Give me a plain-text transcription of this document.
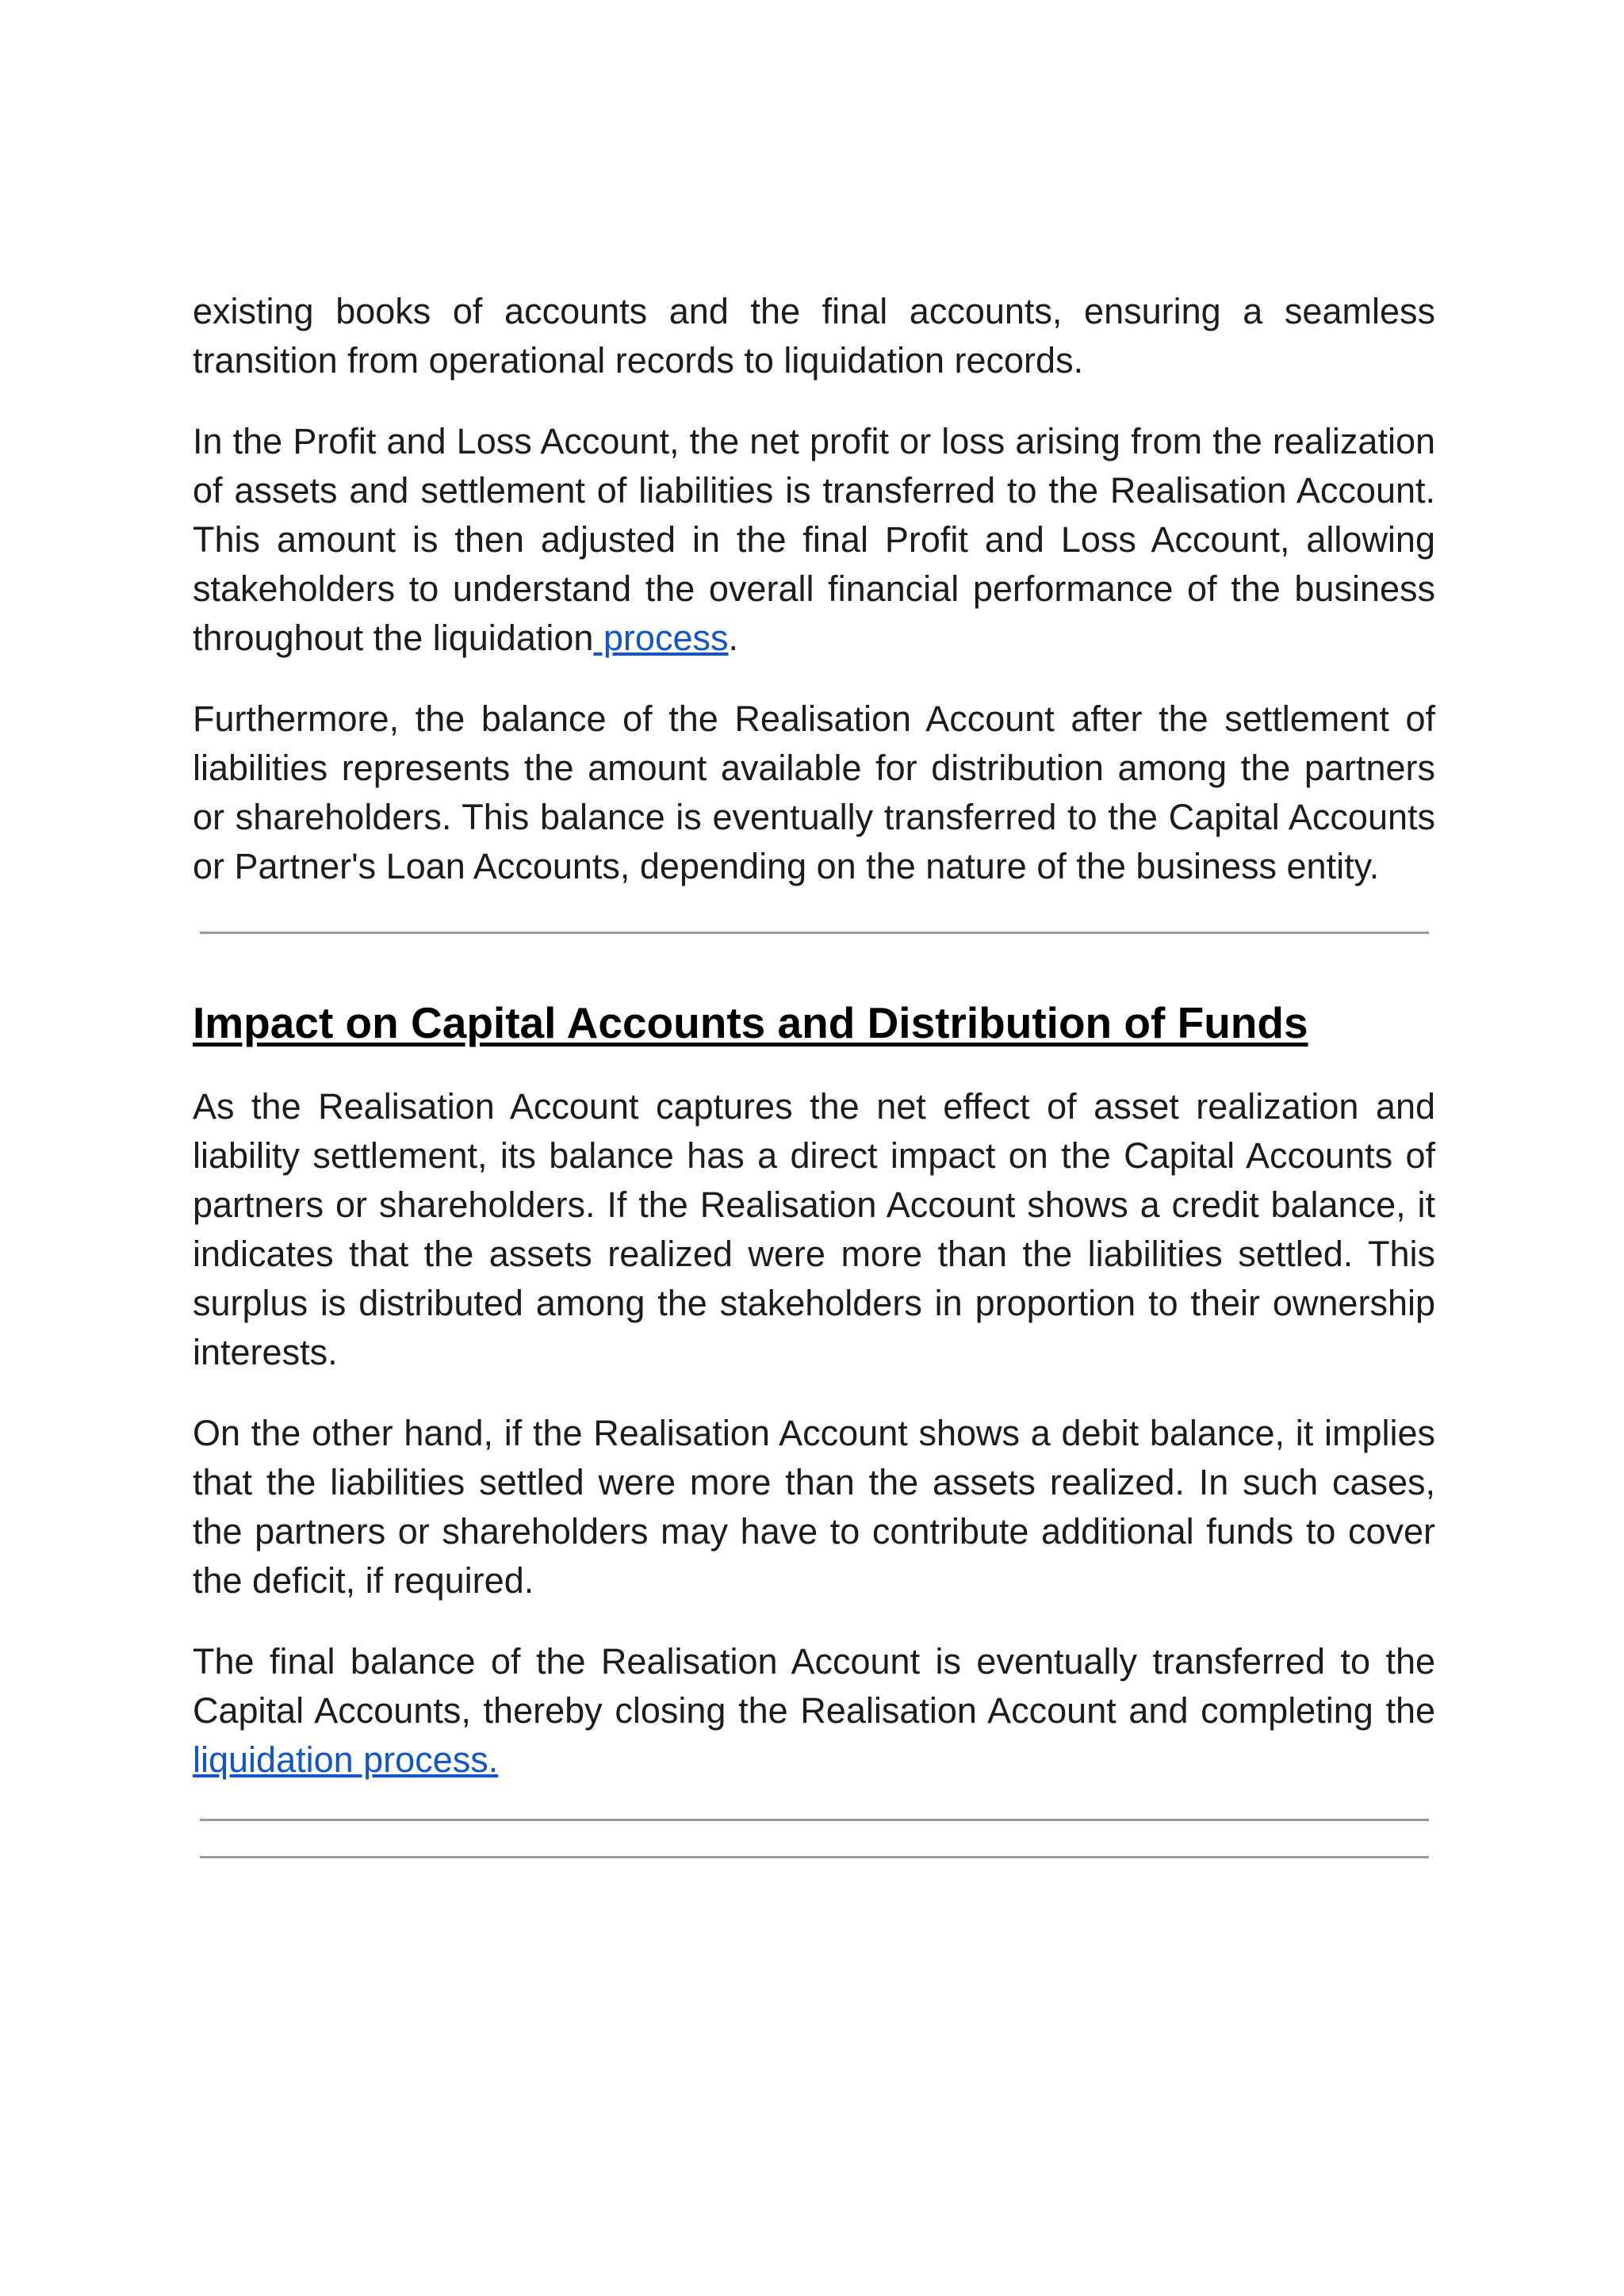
existing books of accounts and the final accounts, ensuring a seamless transition from operational records to liquidation records.

In the Profit and Loss Account, the net profit or loss arising from the realization of assets and settlement of liabilities is transferred to the Realisation Account. This amount is then adjusted in the final Profit and Loss Account, allowing stakeholders to understand the overall financial performance of the business throughout the liquidation process.

Furthermore, the balance of the Realisation Account after the settlement of liabilities represents the amount available for distribution among the partners or shareholders. This balance is eventually transferred to the Capital Accounts or Partner's Loan Accounts, depending on the nature of the business entity.

Impact on Capital Accounts and Distribution of Funds

As the Realisation Account captures the net effect of asset realization and liability settlement, its balance has a direct impact on the Capital Accounts of partners or shareholders. If the Realisation Account shows a credit balance, it indicates that the assets realized were more than the liabilities settled. This surplus is distributed among the stakeholders in proportion to their ownership interests.

On the other hand, if the Realisation Account shows a debit balance, it implies that the liabilities settled were more than the assets realized. In such cases, the partners or shareholders may have to contribute additional funds to cover the deficit, if required.

The final balance of the Realisation Account is eventually transferred to the Capital Accounts, thereby closing the Realisation Account and completing the liquidation process.
